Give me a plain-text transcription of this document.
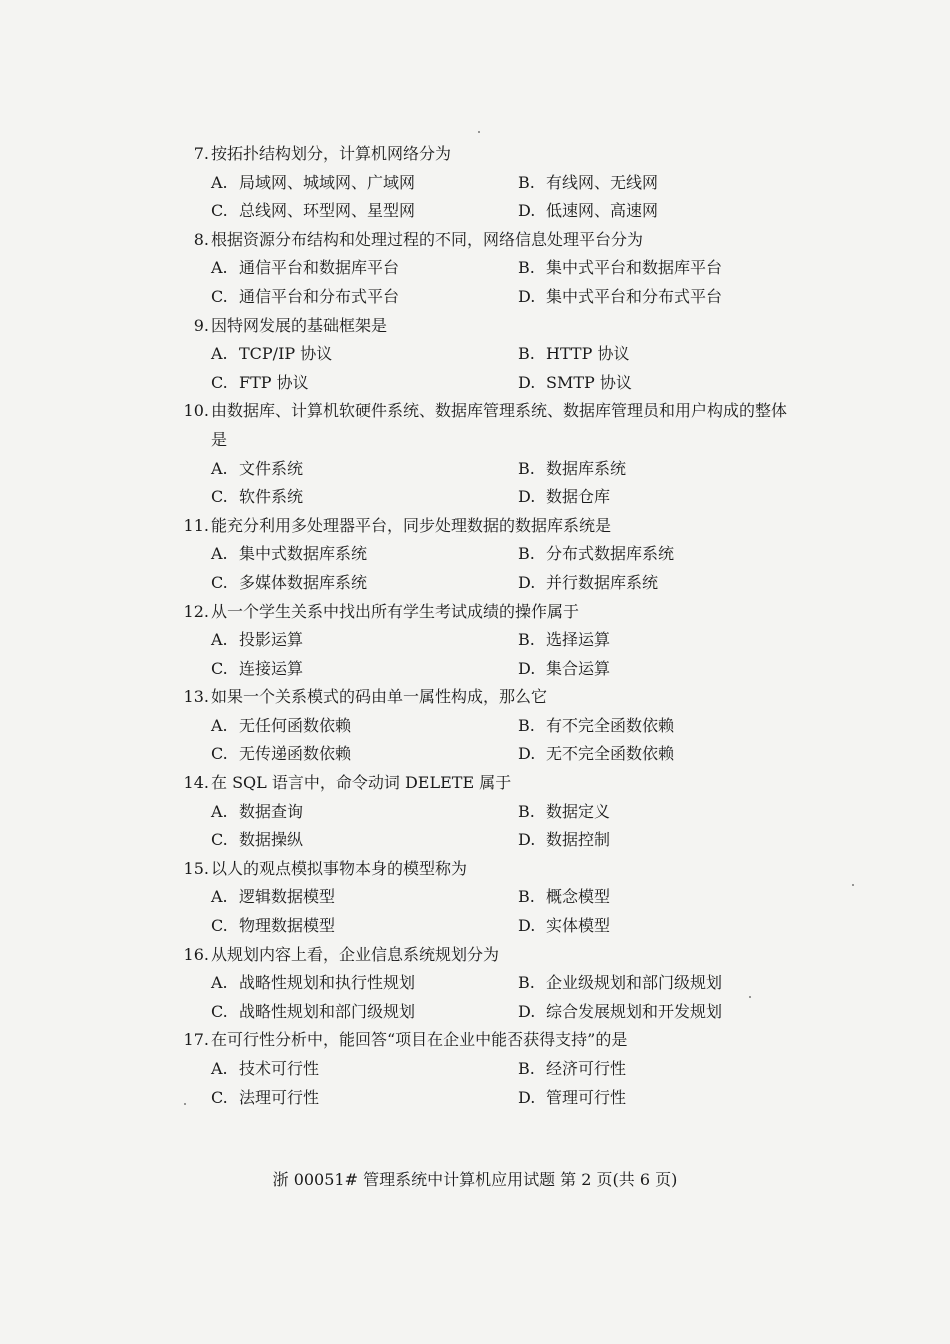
7. 按拓扑结构划分，计算机网络分为
A. 局域网、城域网、广域网	B. 有线网、无线网
C. 总线网、环型网、星型网	D. 低速网、高速网
8. 根据资源分布结构和处理过程的不同，网络信息处理平台分为
A. 通信平台和数据库平台	B. 集中式平台和数据库平台
C. 通信平台和分布式平台	D. 集中式平台和分布式平台
9. 因特网发展的基础框架是
A. TCP/IP 协议	B. HTTP 协议
C. FTP 协议	D. SMTP 协议
10. 由数据库、计算机软硬件系统、数据库管理系统、数据库管理员和用户构成的整体
是
A. 文件系统	B. 数据库系统
C. 软件系统	D. 数据仓库
11. 能充分利用多处理器平台，同步处理数据的数据库系统是
A. 集中式数据库系统	B. 分布式数据库系统
C. 多媒体数据库系统	D. 并行数据库系统
12. 从一个学生关系中找出所有学生考试成绩的操作属于
A. 投影运算	B. 选择运算
C. 连接运算	D. 集合运算
13. 如果一个关系模式的码由单一属性构成，那么它
A. 无任何函数依赖	B. 有不完全函数依赖
C. 无传递函数依赖	D. 无不完全函数依赖
14. 在 SQL 语言中，命令动词 DELETE 属于
A. 数据查询	B. 数据定义
C. 数据操纵	D. 数据控制
15. 以人的观点模拟事物本身的模型称为
A. 逻辑数据模型	B. 概念模型
C. 物理数据模型	D. 实体模型
16. 从规划内容上看，企业信息系统规划分为
A. 战略性规划和执行性规划	B. 企业级规划和部门级规划
C. 战略性规划和部门级规划	D. 综合发展规划和开发规划
17. 在可行性分析中，能回答“项目在企业中能否获得支持”的是
A. 技术可行性	B. 经济可行性
C. 法理可行性	D. 管理可行性
浙 00051# 管理系统中计算机应用试题 第 2 页(共 6 页)
